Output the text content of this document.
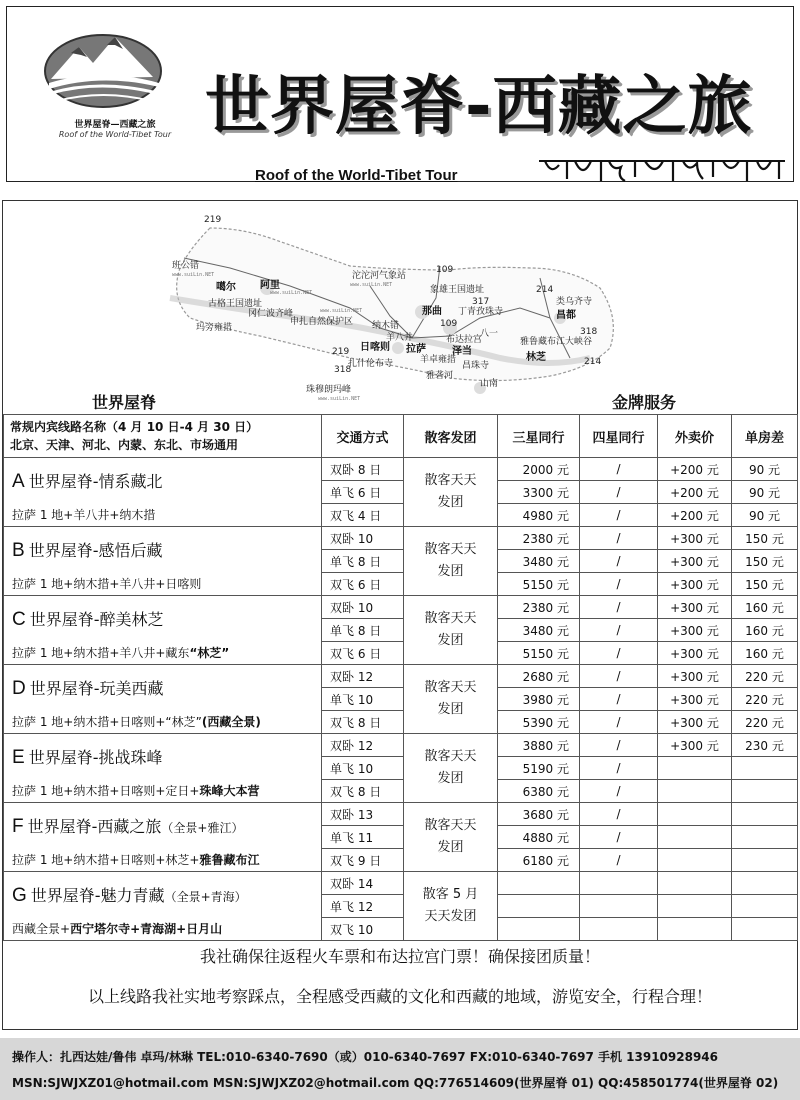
世界屋脊—西藏之旅
Roof of the World-Tibet Tour 世界屋脊-西藏之旅
Roof of the World-Tibet Tour
219
班公错
www.suiLin.NET
噶尔 阿里
古格王国遗址
www.suiLin.NET
冈仁波齐峰
玛旁雍措
www.suiLin.NET
沱沱河气象站
www.suiLin.NET
109
象雄王国遗址
317
214
类乌齐寺
昌都
申扎自然保护区
那曲 丁青孜珠寺
109
纳木错
羊八井	布达拉宫
八一
雅鲁藏布江大峡谷
318
219 日喀则 拉萨	泽当
羊卓雍措
昌珠寺
林芝	214
318
扎什伦布寺
雅砻河
山南
珠穆朗玛峰
www.suiLin.NET
世界屋脊	金牌服务
常规内宾线路名称（4 月 10 日-4 月 30 日）
北京、天津、河北、内蒙、东北、市场通用	交通方式	散客发团	三星同行	四星同行	外卖价	单房差
A 世界屋脊-情系藏北	双卧 8 日	散客天天发团	2000 元	/	+200 元	90 元
	单飞 6 日		3300 元	/	+200 元	90 元
拉萨 1 地+羊八井+纳木措	双飞 4 日		4980 元	/	+200 元	90 元
B 世界屋脊-感悟后藏	双卧 10	散客天天发团	2380 元	/	+300 元	150 元
	单飞 8 日		3480 元	/	+300 元	150 元
拉萨 1 地+纳木措+羊八井+日喀则	双飞 6 日		5150 元	/	+300 元	150 元
C 世界屋脊-醉美林芝	双卧 10	散客天天发团	2380 元	/	+300 元	160 元
	单飞 8 日		3480 元	/	+300 元	160 元
拉萨 1 地+纳木措+羊八井+藏东“林芝”	双飞 6 日		5150 元	/	+300 元	160 元
D 世界屋脊-玩美西藏	双卧 12	散客天天发团	2680 元	/	+300 元	220 元
	单飞 10		3980 元	/	+300 元	220 元
拉萨 1 地+纳木措+日喀则+“林芝”(西藏全景)	双飞 8 日		5390 元	/	+300 元	220 元
E 世界屋脊-挑战珠峰	双卧 12	散客天天发团	3880 元	/	+300 元	230 元
	单飞 10		5190 元	/		
拉萨 1 地+纳木措+日喀则+定日+珠峰大本营	双飞 8 日		6380 元	/		
F 世界屋脊-西藏之旅（全景+雅江）	双卧 13	散客天天发团	3680 元	/		
	单飞 11		4880 元	/		
拉萨 1 地+纳木措+日喀则+林芝+雅鲁藏布江	双飞 9 日		6180 元	/		
G 世界屋脊-魅力青藏（全景+青海）	双卧 14	散客 5 月天天发团				

	单飞 12					
西藏全景+西宁塔尔寺+青海湖+日月山	双飞 10					
我社确保往返程火车票和布达拉宫门票！确保接团质量！
以上线路我社实地考察踩点，全程感受西藏的文化和西藏的地域，游览安全，行程合理！
操作人：扎西达娃/鲁伟 卓玛/林琳 TEL:010-6340-7690（或）010-6340-7697 FX:010-6340-7697 手机 13910928946
MSN:SJWJXZ01@hotmail.com MSN:SJWJXZ02@hotmail.com QQ:776514609(世界屋脊 01) QQ:458501774(世界屋脊 02)
